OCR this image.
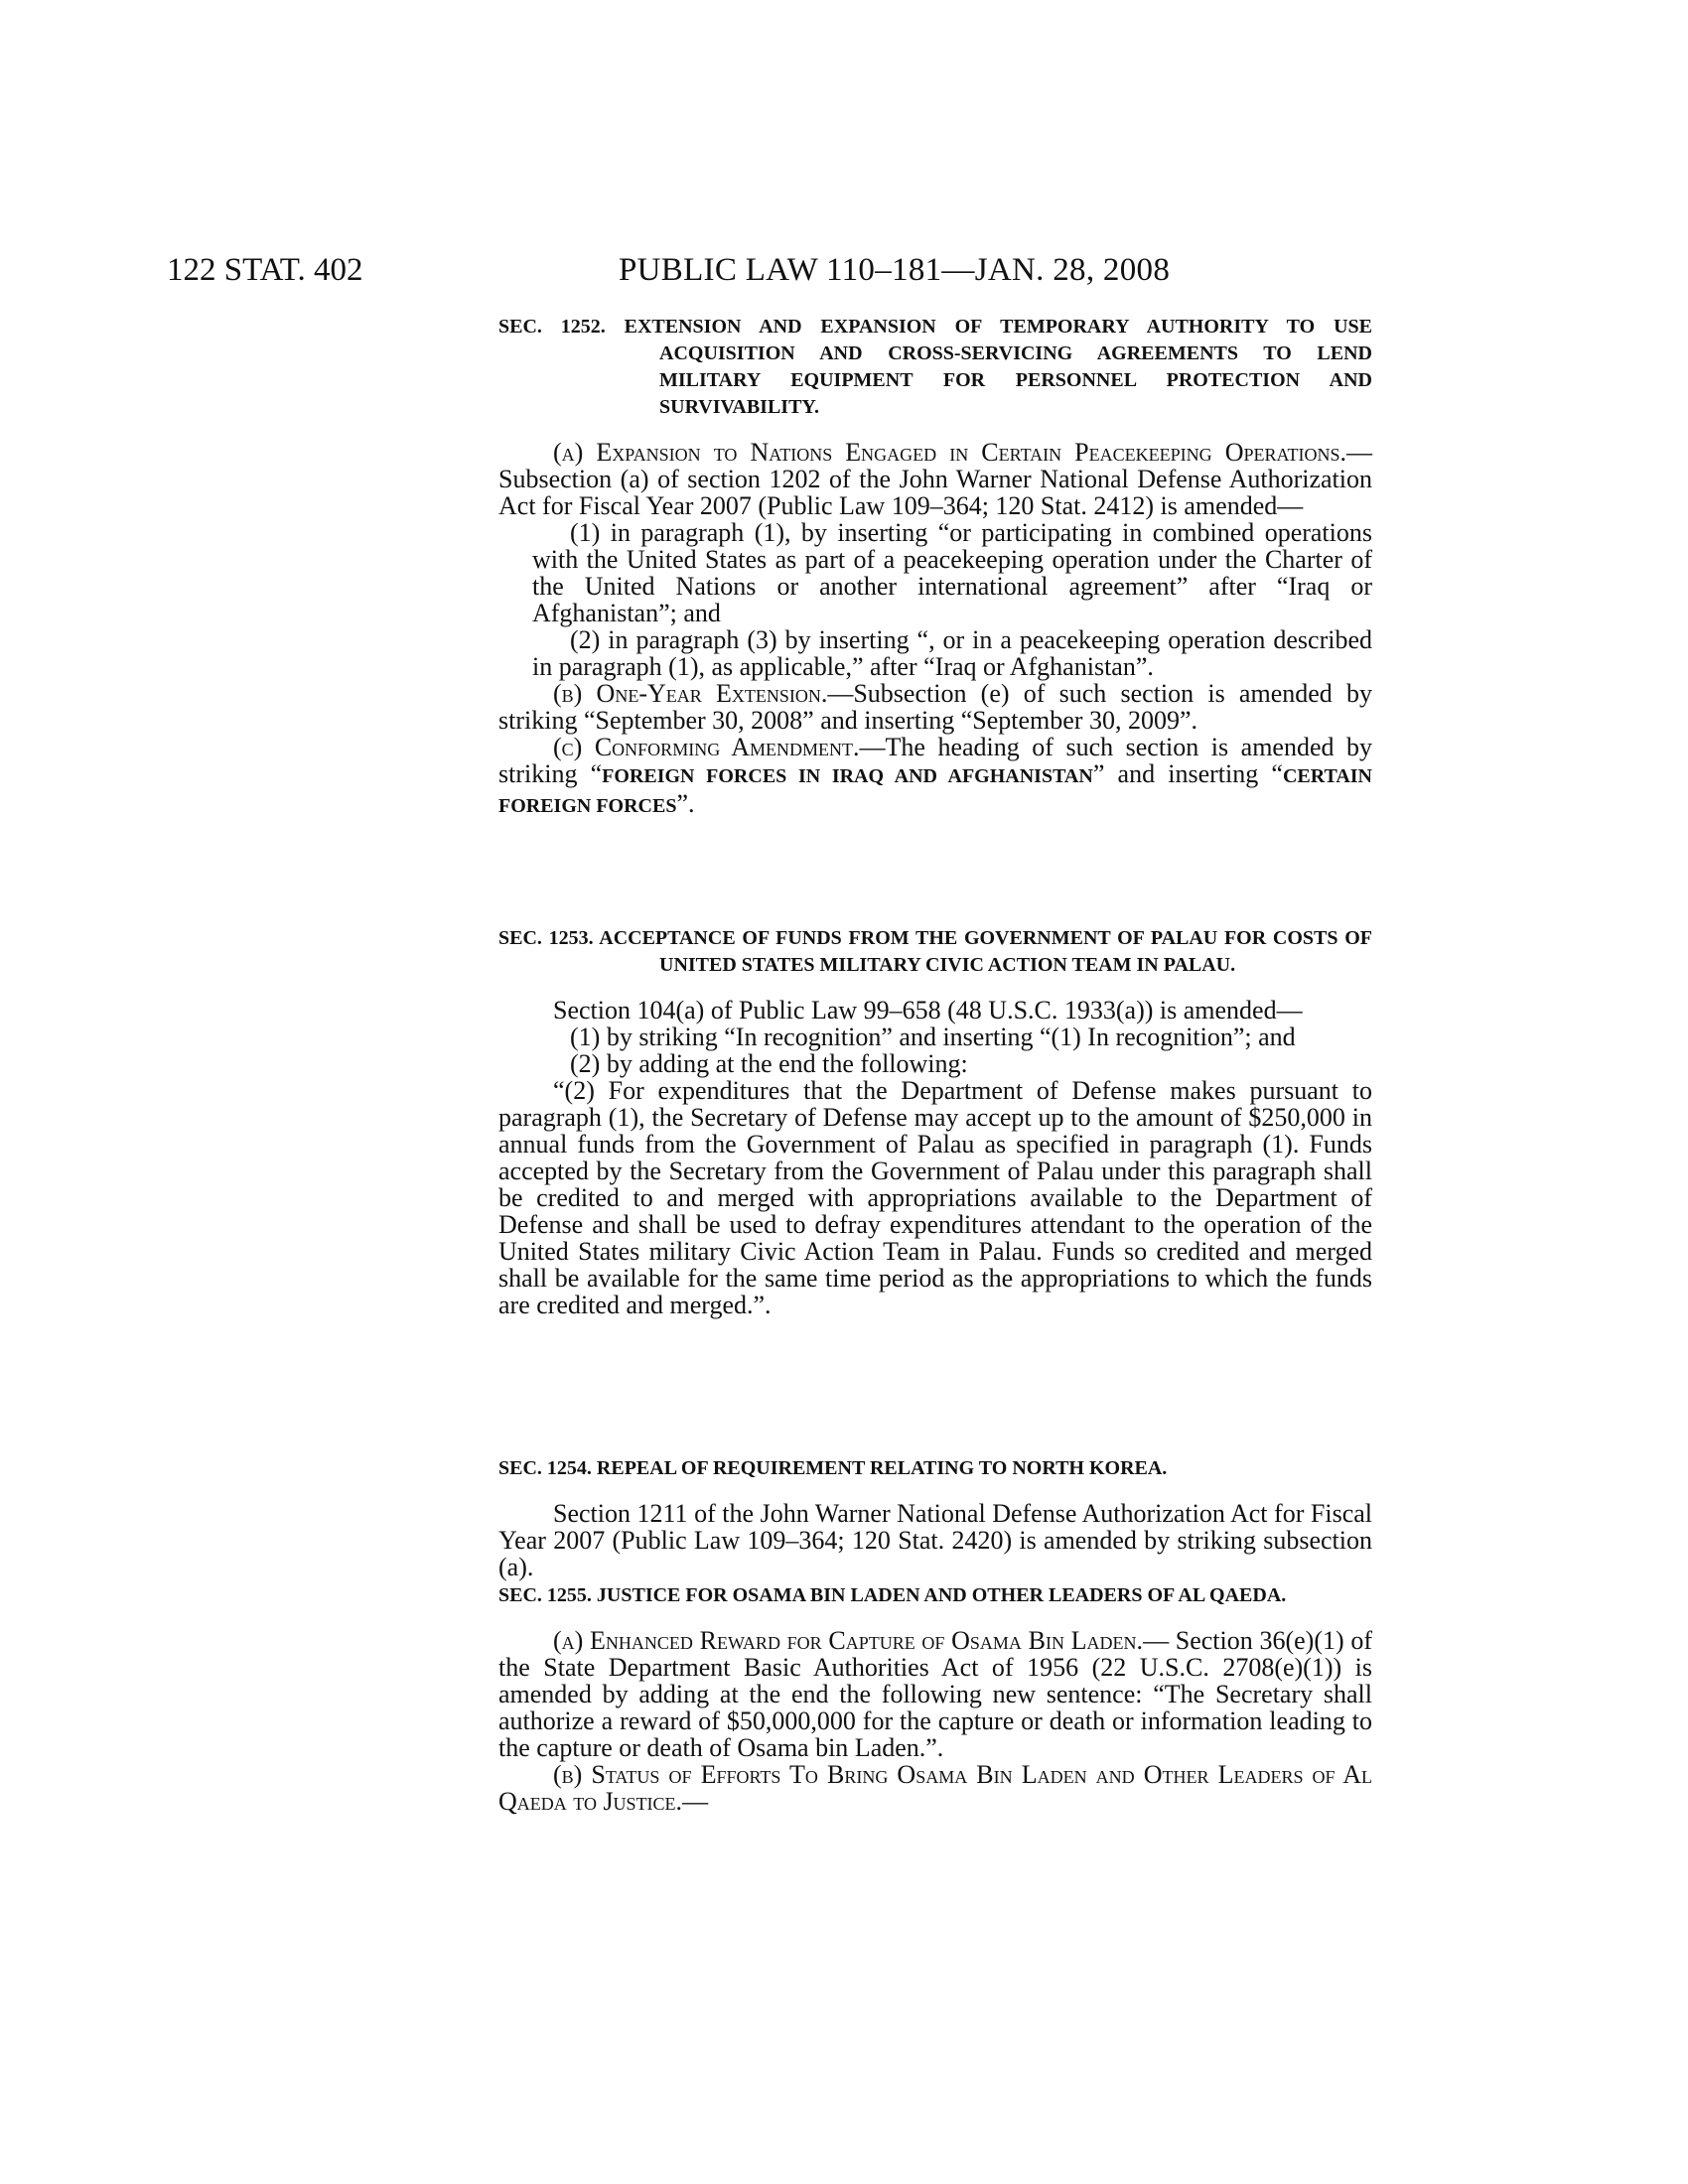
122 STAT. 402	PUBLIC LAW 110–181—JAN. 28, 2008

SEC. 1252. EXTENSION AND EXPANSION OF TEMPORARY AUTHORITY TO USE ACQUISITION AND CROSS-SERVICING AGREEMENTS TO LEND MILITARY EQUIPMENT FOR PERSONNEL PROTECTION AND SURVIVABILITY.

(a) Expansion to Nations Engaged in Certain Peacekeeping Operations.—Subsection (a) of section 1202 of the John Warner National Defense Authorization Act for Fiscal Year 2007 (Public Law 109–364; 120 Stat. 2412) is amended—

(1) in paragraph (1), by inserting “or participating in combined operations with the United States as part of a peacekeeping operation under the Charter of the United Nations or another international agreement” after “Iraq or Afghanistan”; and

(2) in paragraph (3) by inserting “, or in a peacekeeping operation described in paragraph (1), as applicable,” after “Iraq or Afghanistan”.

(b) One-Year Extension.—Subsection (e) of such section is amended by striking “September 30, 2008” and inserting “September 30, 2009”.

(c) Conforming Amendment.—The heading of such section is amended by striking “FOREIGN FORCES IN IRAQ AND AFGHANISTAN” and inserting “CERTAIN FOREIGN FORCES”.

SEC. 1253. ACCEPTANCE OF FUNDS FROM THE GOVERNMENT OF PALAU FOR COSTS OF UNITED STATES MILITARY CIVIC ACTION TEAM IN PALAU.

Section 104(a) of Public Law 99–658 (48 U.S.C. 1933(a)) is amended—

(1) by striking “In recognition” and inserting “(1) In recognition”; and

(2) by adding at the end the following:

“(2) For expenditures that the Department of Defense makes pursuant to paragraph (1), the Secretary of Defense may accept up to the amount of $250,000 in annual funds from the Government of Palau as specified in paragraph (1). Funds accepted by the Secretary from the Government of Palau under this paragraph shall be credited to and merged with appropriations available to the Department of Defense and shall be used to defray expenditures attendant to the operation of the United States military Civic Action Team in Palau. Funds so credited and merged shall be available for the same time period as the appropriations to which the funds are credited and merged.”.

SEC. 1254. REPEAL OF REQUIREMENT RELATING TO NORTH KOREA.

Section 1211 of the John Warner National Defense Authorization Act for Fiscal Year 2007 (Public Law 109–364; 120 Stat. 2420) is amended by striking subsection (a).

SEC. 1255. JUSTICE FOR OSAMA BIN LADEN AND OTHER LEADERS OF AL QAEDA.

(a) Enhanced Reward for Capture of Osama Bin Laden.— Section 36(e)(1) of the State Department Basic Authorities Act of 1956 (22 U.S.C. 2708(e)(1)) is amended by adding at the end the following new sentence: “The Secretary shall authorize a reward of $50,000,000 for the capture or death or information leading to the capture or death of Osama bin Laden.”.

(b) Status of Efforts To Bring Osama Bin Laden and Other Leaders of Al Qaeda to Justice.—
